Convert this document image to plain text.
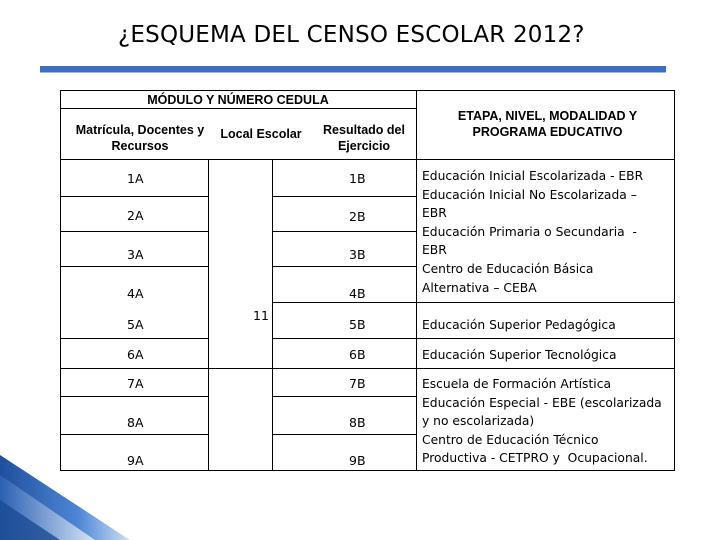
¿ESQUEMA DEL CENSO ESCOLAR 2012?
MÓDULO Y NÚMERO CEDULA
Matrícula, Docentes y Recursos
Local Escolar	Resultado del Ejercicio
ETAPA, NIVEL, MODALIDAD Y PROGRAMA EDUCATIVO
1A
2A
3A
4A
5A
6A
7A
8A
9A
11
1B
2B
3B
4B
5B
6B
7B
8B
9B
Educación Inicial Escolarizada - EBR
Educación Inicial No Escolarizada –
EBR
Educación Primaria o Secundaria  -
EBR
Centro de Educación Básica
Alternativa – CEBA
Educación Superior Pedagógica
Educación Superior Tecnológica
Escuela de Formación Artística
Educación Especial - EBE (escolarizada
y no escolarizada)
Centro de Educación Técnico
Productiva - CETPRO y  Ocupacional.
